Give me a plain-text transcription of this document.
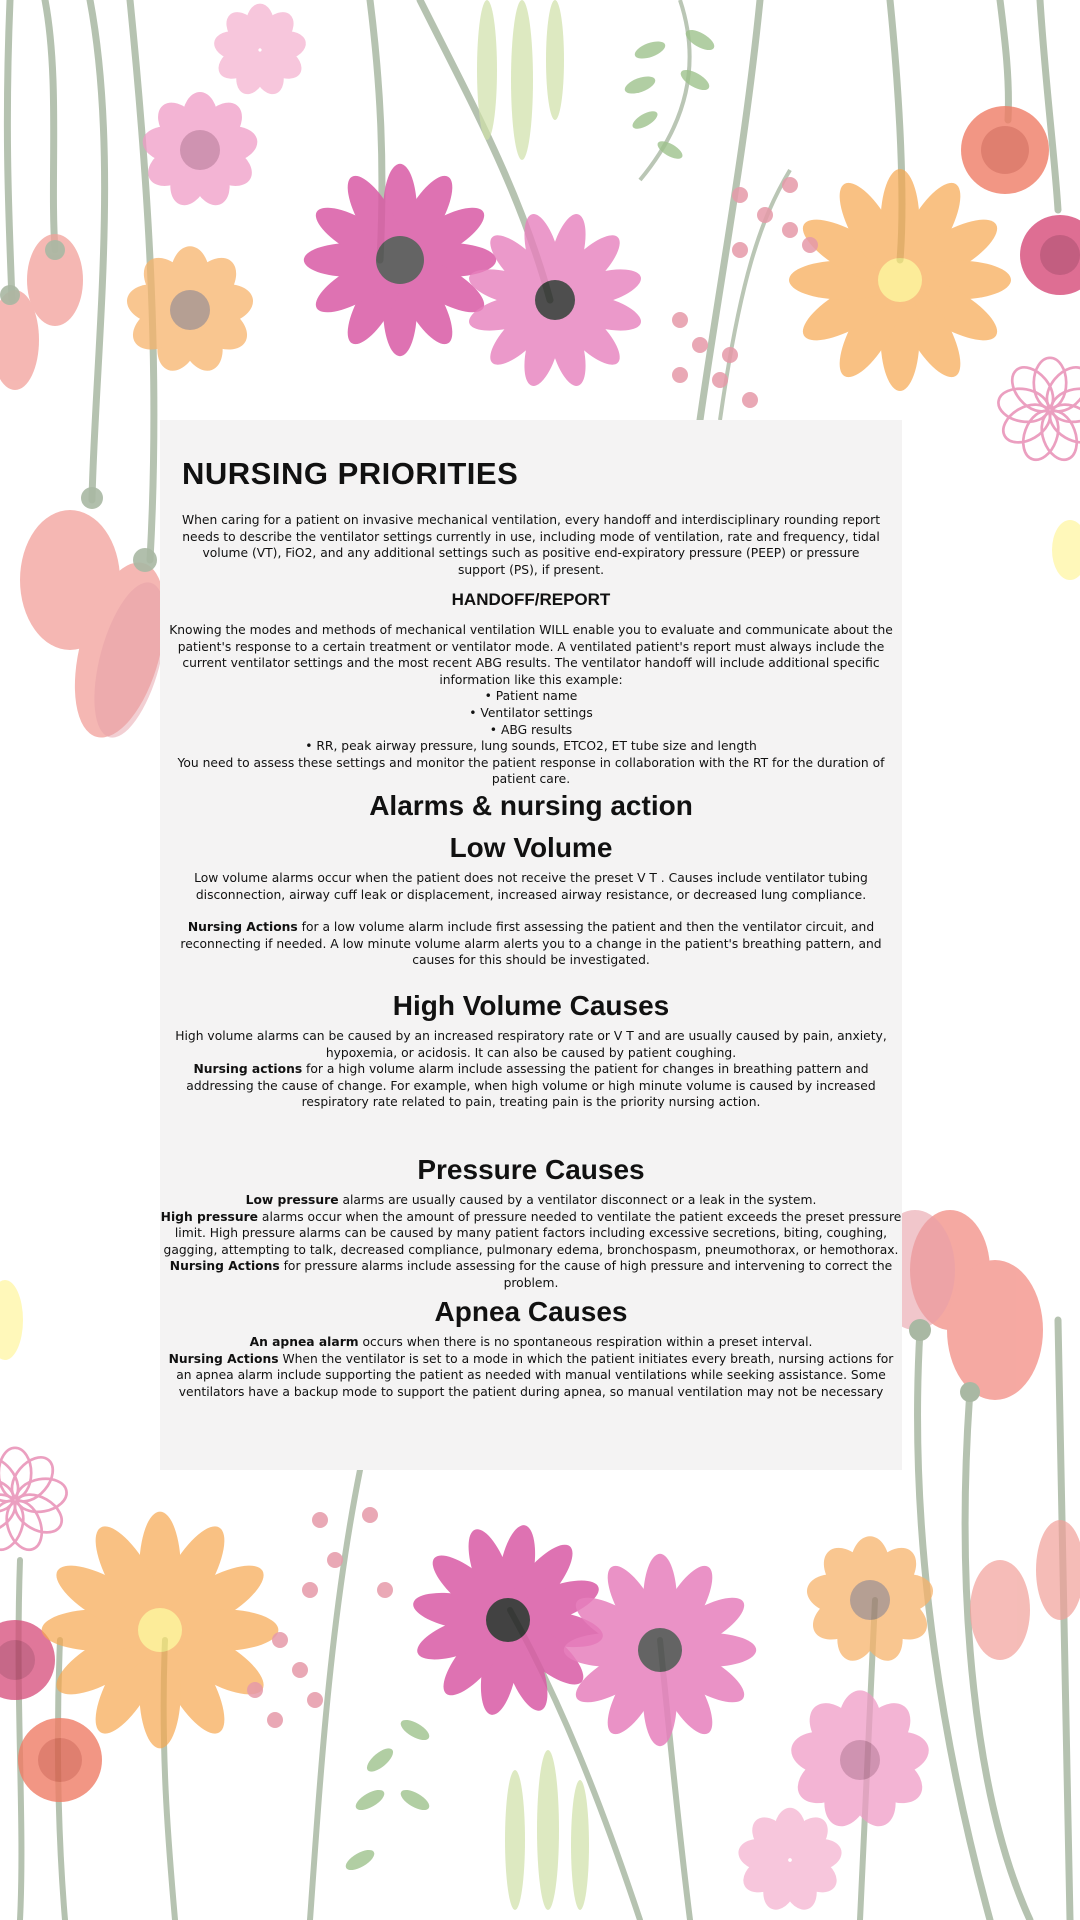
NURSING PRIORITIES

When caring for a patient on invasive mechanical ventilation, every handoff and interdisciplinary rounding report needs to describe the ventilator settings currently in use, including mode of ventilation, rate and frequency, tidal volume (VT), FiO2, and any additional settings such as positive end-expiratory pressure (PEEP) or pressure support (PS), if present.

HANDOFF/REPORT

Knowing the modes and methods of mechanical ventilation WILL enable you to evaluate and communicate about the patient's response to a certain treatment or ventilator mode. A ventilated patient's report must always include the current ventilator settings and the most recent ABG results. The ventilator handoff will include additional specific information like this example:

• Patient name

• Ventilator settings

• ABG results

• RR, peak airway pressure, lung sounds, ETCO2, ET tube size and length

You need to assess these settings and monitor the patient response in collaboration with the RT for the duration of patient care.

Alarms & nursing action
Low Volume

Low volume alarms occur when the patient does not receive the preset V T . Causes include ventilator tubing disconnection, airway cuff leak or displacement, increased airway resistance, or decreased lung compliance.

Nursing Actions for a low volume alarm include first assessing the patient and then the ventilator circuit, and reconnecting if needed. A low minute volume alarm alerts you to a change in the patient's breathing pattern, and causes for this should be investigated.

High Volume Causes

High volume alarms can be caused by an increased respiratory rate or V T and are usually caused by pain, anxiety, hypoxemia, or acidosis. It can also be caused by patient coughing.

Nursing actions for a high volume alarm include assessing the patient for changes in breathing pattern and addressing the cause of change. For example, when high volume or high minute volume is caused by increased respiratory rate related to pain, treating pain is the priority nursing action.

Pressure Causes

Low pressure alarms are usually caused by a ventilator disconnect or a leak in the system.

High pressure alarms occur when the amount of pressure needed to ventilate the patient exceeds the preset pressure limit. High pressure alarms can be caused by many patient factors including excessive secretions, biting, coughing, gagging, attempting to talk, decreased compliance, pulmonary edema, bronchospasm, pneumothorax, or hemothorax. Nursing Actions for pressure alarms include assessing for the cause of high pressure and intervening to correct the problem.

Apnea Causes

An apnea alarm occurs when there is no spontaneous respiration within a preset interval.

Nursing Actions When the ventilator is set to a mode in which the patient initiates every breath, nursing actions for an apnea alarm include supporting the patient as needed with manual ventilations while seeking assistance. Some ventilators have a backup mode to support the patient during apnea, so manual ventilation may not be necessary
